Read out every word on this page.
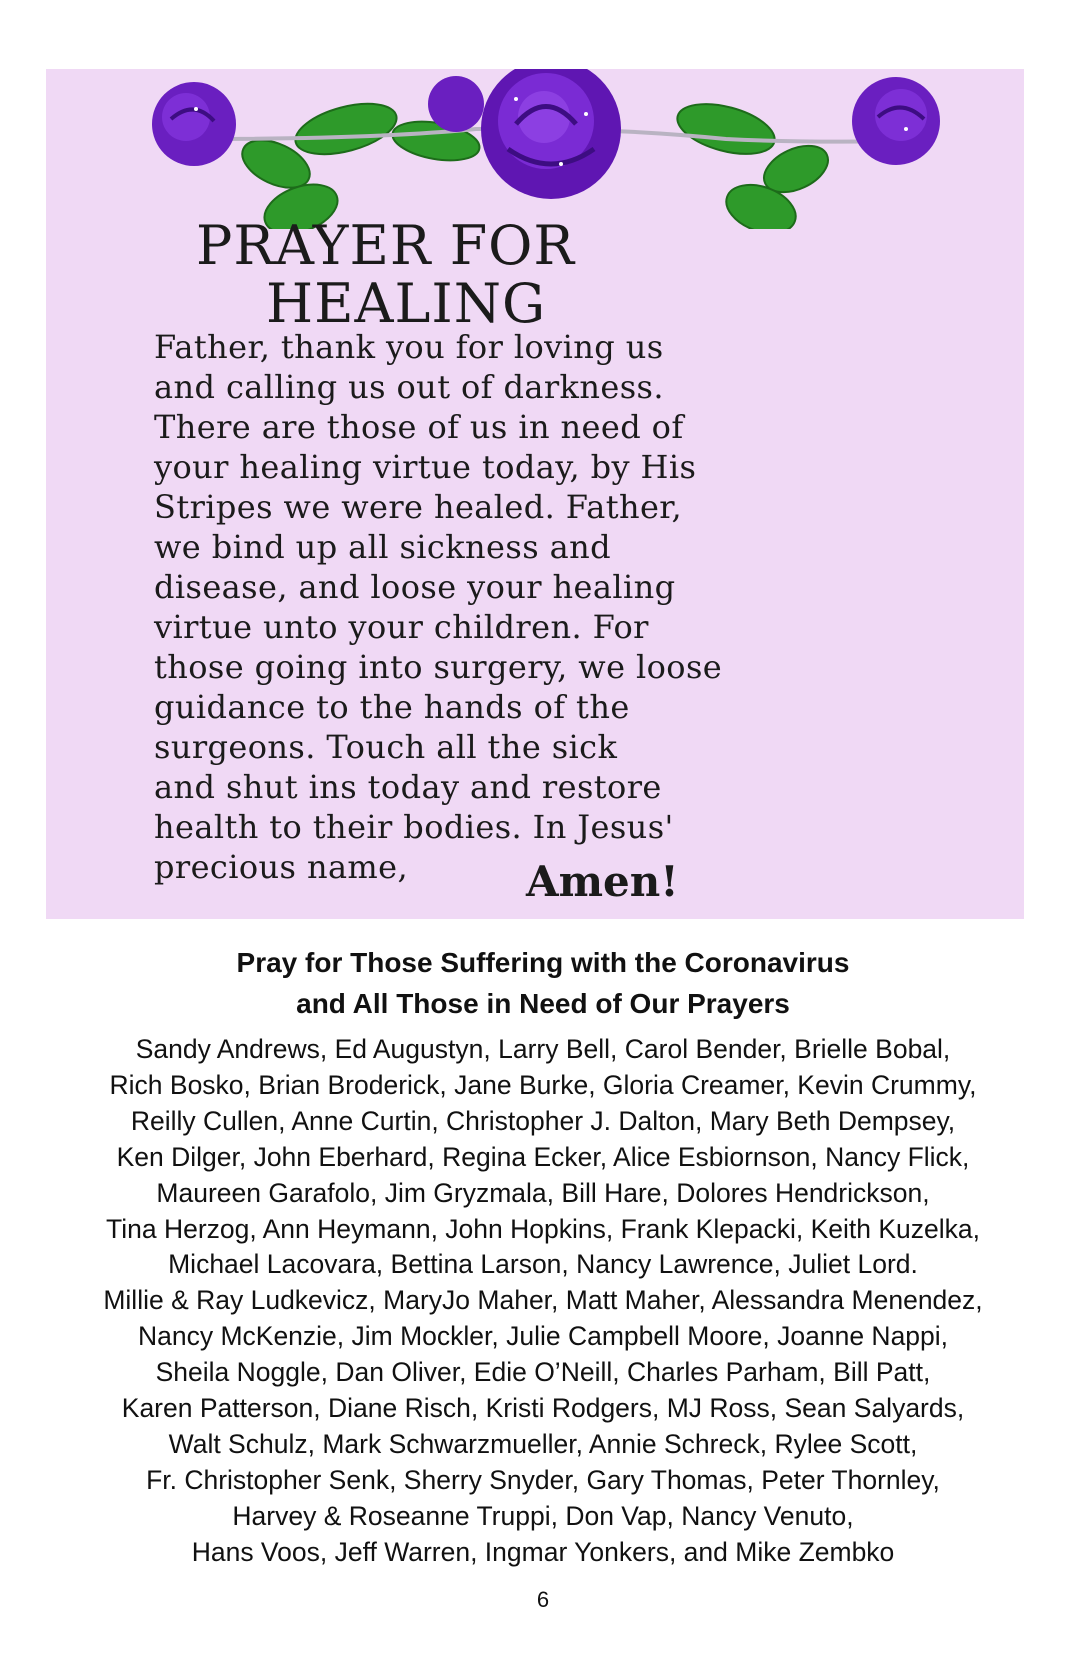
PRAYER FOR
HEALING
Father, thank you for loving us
and calling us out of darkness.
There are those of us in need of
your healing virtue today, by His
Stripes we were healed. Father,
we bind up all sickness and
disease, and loose your healing
virtue unto your children. For
those going into surgery, we loose
guidance to the hands of the
surgeons. Touch all the sick
and shut ins today and restore
health to their bodies. In Jesus'
precious name,	Amen!
Pray for Those Suffering with the Coronavirus
and All Those in Need of Our Prayers
Sandy Andrews, Ed Augustyn, Larry Bell, Carol Bender, Brielle Bobal,
Rich Bosko, Brian Broderick, Jane Burke, Gloria Creamer, Kevin Crummy,
Reilly Cullen, Anne Curtin, Christopher J. Dalton, Mary Beth Dempsey,
Ken Dilger, John Eberhard, Regina Ecker, Alice Esbiornson, Nancy Flick,
Maureen Garafolo, Jim Gryzmala, Bill Hare, Dolores Hendrickson,
Tina Herzog, Ann Heymann, John Hopkins, Frank Klepacki, Keith Kuzelka,
Michael Lacovara, Bettina Larson, Nancy Lawrence, Juliet Lord.
Millie & Ray Ludkevicz, MaryJo Maher, Matt Maher, Alessandra Menendez,
Nancy McKenzie, Jim Mockler, Julie Campbell Moore, Joanne Nappi,
Sheila Noggle, Dan Oliver, Edie O’Neill, Charles Parham, Bill Patt,
Karen Patterson, Diane Risch, Kristi Rodgers, MJ Ross, Sean Salyards,
Walt Schulz, Mark Schwarzmueller, Annie Schreck, Rylee Scott,
Fr. Christopher Senk, Sherry Snyder, Gary Thomas, Peter Thornley,
Harvey & Roseanne Truppi, Don Vap, Nancy Venuto,
Hans Voos, Jeff Warren, Ingmar Yonkers, and Mike Zembko
6
